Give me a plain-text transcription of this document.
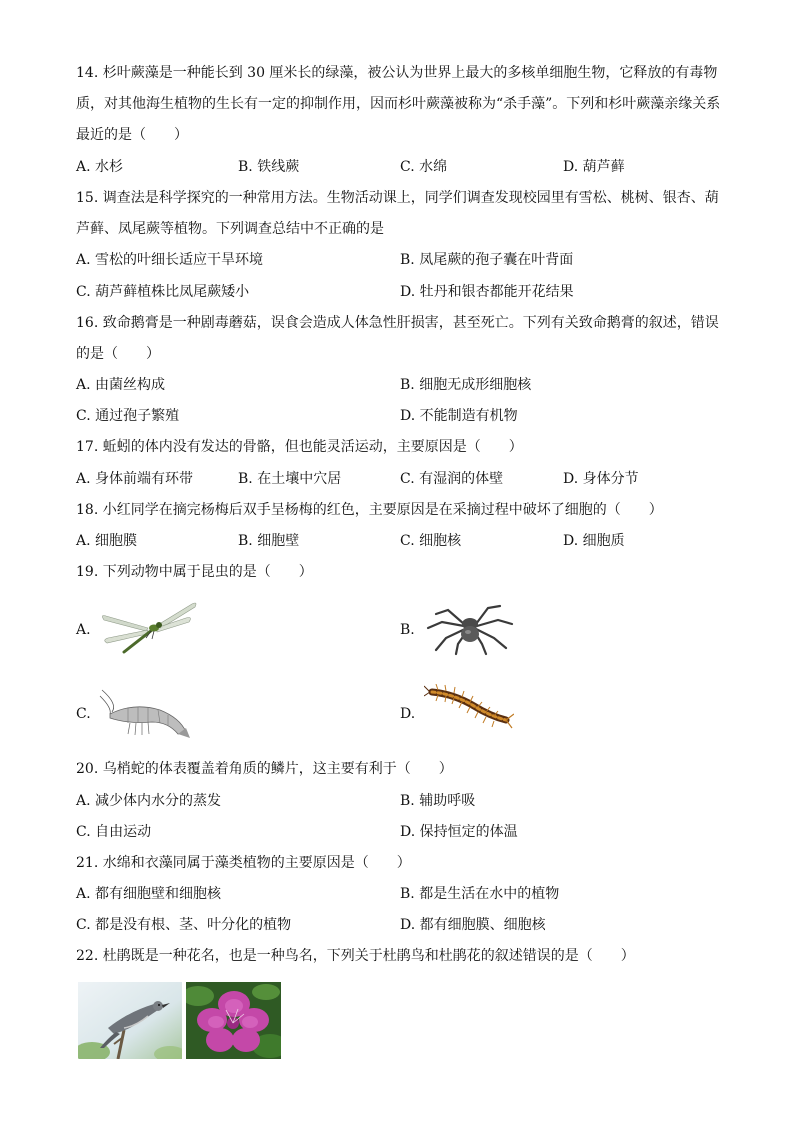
14. 杉叶蕨藻是一种能长到 30 厘米长的绿藻，被公认为世界上最大的多核单细胞生物，它释放的有毒物
质，对其他海生植物的生长有一定的抑制作用，因而杉叶蕨藻被称为“杀手藻”。下列和杉叶蕨藻亲缘关系
最近的是（　　）
A. 水杉	B. 铁线蕨	C. 水绵	D. 葫芦藓
15. 调查法是科学探究的一种常用方法。生物活动课上，同学们调查发现校园里有雪松、桃树、银杏、葫
芦藓、凤尾蕨等植物。下列调查总结中不正确的是
A. 雪松的叶细长适应干旱环境	B. 凤尾蕨的孢子囊在叶背面
C. 葫芦藓植株比凤尾蕨矮小	D. 牡丹和银杏都能开花结果
16. 致命鹅膏是一种剧毒蘑菇，误食会造成人体急性肝损害，甚至死亡。下列有关致命鹅膏的叙述，错误
的是（　　）
A. 由菌丝构成	B. 细胞无成形细胞核
C. 通过孢子繁殖	D. 不能制造有机物
17. 蚯蚓的体内没有发达的骨骼，但也能灵活运动，主要原因是（　　）
A. 身体前端有环带	B. 在土壤中穴居	C. 有湿润的体壁	D. 身体分节
18. 小红同学在摘完杨梅后双手呈杨梅的红色，主要原因是在采摘过程中破坏了细胞的（　　）
A. 细胞膜	B. 细胞壁	C. 细胞核	D. 细胞质
19. 下列动物中属于昆虫的是（　　）
A.	B.
C.	D.
20. 乌梢蛇的体表覆盖着角质的鳞片，这主要有利于（　　）
A. 减少体内水分的蒸发	B. 辅助呼吸
C. 自由运动	D. 保持恒定的体温
21. 水绵和衣藻同属于藻类植物的主要原因是（　　）
A. 都有细胞壁和细胞核	B. 都是生活在水中的植物
C. 都是没有根、茎、叶分化的植物	D. 都有细胞膜、细胞核
22. 杜鹃既是一种花名，也是一种鸟名，下列关于杜鹃鸟和杜鹃花的叙述错误的是（　　）
